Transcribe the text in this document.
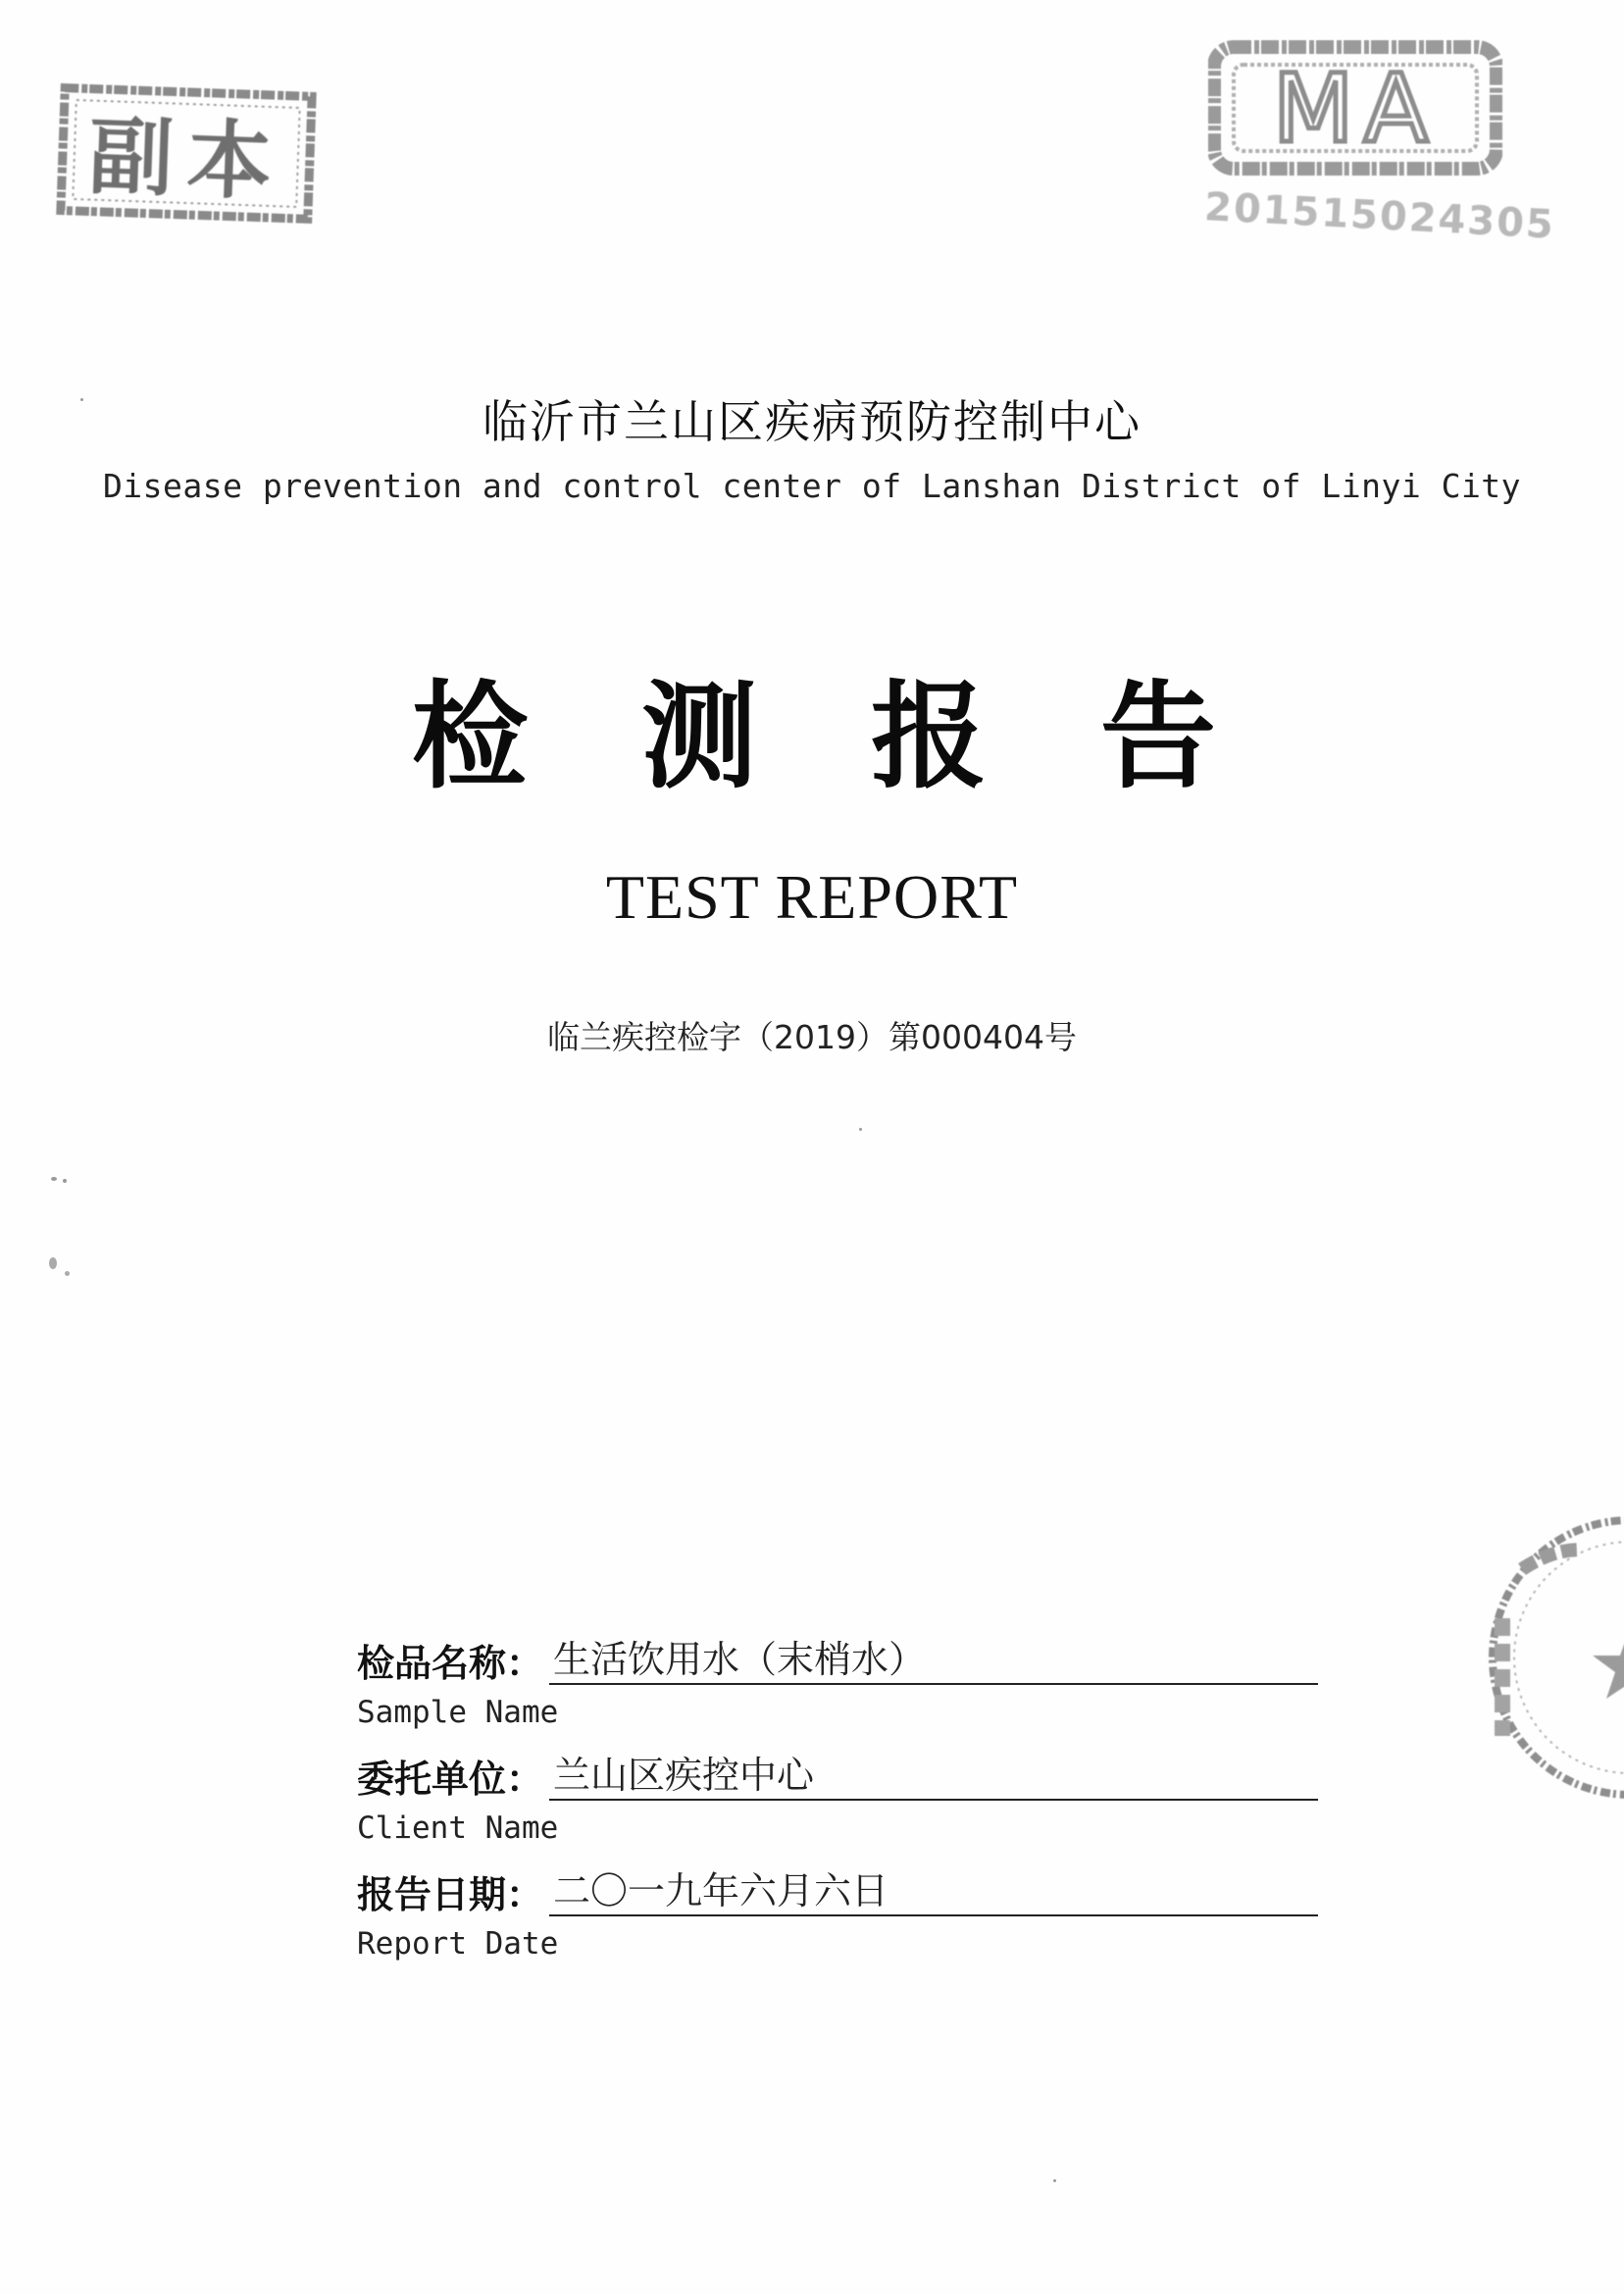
副本	MA
201515024305
临沂市兰山区疾病预防控制中心
Disease prevention and control center of Lanshan District of Linyi City
检 测 报 告
TEST REPORT
临兰疾控检字（2019）第000404号
检品名称： 生活饮用水（末梢水）
Sample Name
委托单位： 兰山区疾控中心
Client Name
报告日期： 二〇一九年六月六日
Report Date
